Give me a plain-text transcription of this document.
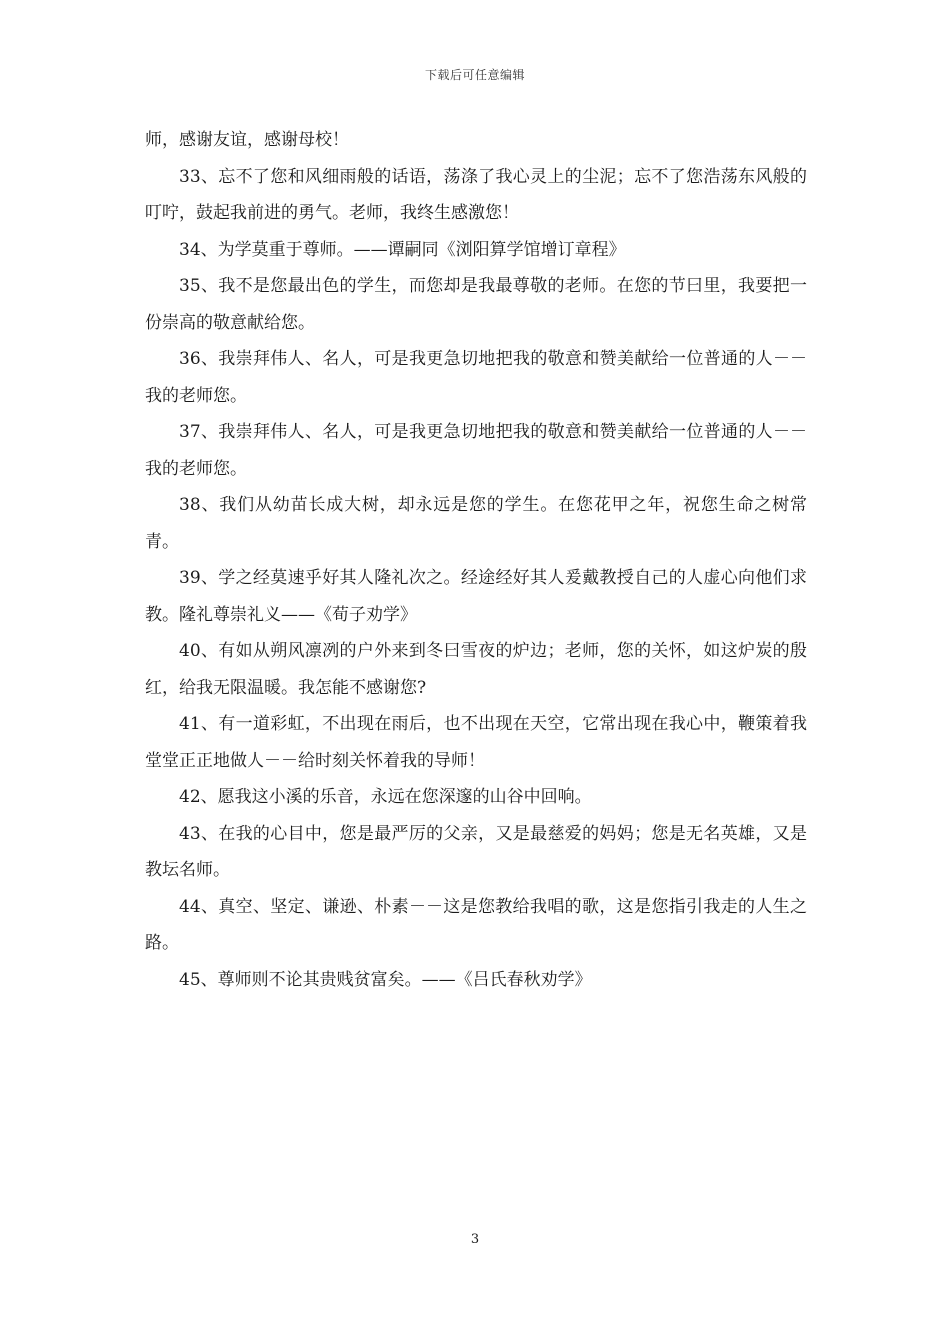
下载后可任意编辑

师，感谢友谊，感谢母校！

33、忘不了您和风细雨般的话语，荡涤了我心灵上的尘泥；忘不了您浩荡东风般的叮咛，鼓起我前进的勇气。老师，我终生感激您！

34、为学莫重于尊师。——谭嗣同《浏阳算学馆增订章程》

35、我不是您最出色的学生，而您却是我最尊敬的老师。在您的节曰里，我要把一份崇高的敬意献给您。

36、我崇拜伟人、名人，可是我更急切地把我的敬意和赞美献给一位普通的人－－我的老师您。

37、我崇拜伟人、名人，可是我更急切地把我的敬意和赞美献给一位普通的人－－我的老师您。

38、我们从幼苗长成大树，却永远是您的学生。在您花甲之年，祝您生命之树常青。

39、学之经莫速乎好其人隆礼次之。经途经好其人爰戴教授自己的人虚心向他们求教。隆礼尊崇礼义——《荀子劝学》

40、有如从朔风凛冽的户外来到冬曰雪夜的炉边；老师，您的关怀，如这炉炭的殷红，给我无限温暖。我怎能不感谢您?

41、有一道彩虹，不出现在雨后，也不出现在天空，它常出现在我心中，鞭策着我堂堂正正地做人－－给时刻关怀着我的导师！

42、愿我这小溪的乐音，永远在您深邃的山谷中回响。

43、在我的心目中，您是最严厉的父亲，又是最慈爱的妈妈；您是无名英雄，又是教坛名师。

44、真空、坚定、谦逊、朴素－－这是您教给我唱的歌，这是您指引我走的人生之路。

45、尊师则不论其贵贱贫富矣。——《吕氏春秋劝学》

3
